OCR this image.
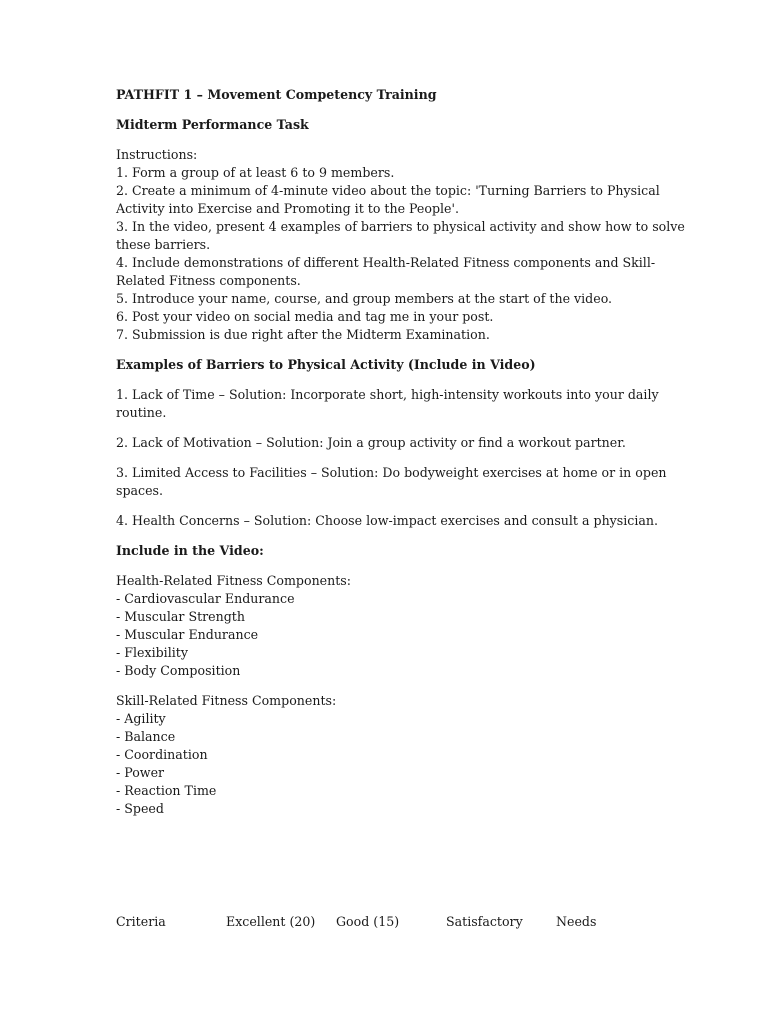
PATHFIT 1 – Movement Competency Training
Midterm Performance Task
Instructions:
1. Form a group of at least 6 to 9 members.
2. Create a minimum of 4-minute video about the topic: 'Turning Barriers to Physical
Activity into Exercise and Promoting it to the People'.
3. In the video, present 4 examples of barriers to physical activity and show how to solve
these barriers.
4. Include demonstrations of different Health-Related Fitness components and Skill-
Related Fitness components.
5. Introduce your name, course, and group members at the start of the video.
6. Post your video on social media and tag me in your post.
7. Submission is due right after the Midterm Examination.
Examples of Barriers to Physical Activity (Include in Video)
1. Lack of Time – Solution: Incorporate short, high-intensity workouts into your daily
routine.
2. Lack of Motivation – Solution: Join a group activity or find a workout partner.
3. Limited Access to Facilities – Solution: Do bodyweight exercises at home or in open
spaces.
4. Health Concerns – Solution: Choose low-impact exercises and consult a physician.
Include in the Video:
Health-Related Fitness Components:
- Cardiovascular Endurance
- Muscular Strength
- Muscular Endurance
- Flexibility
- Body Composition
Skill-Related Fitness Components:
- Agility
- Balance
- Coordination
- Power
- Reaction Time
- Speed
Criteria	Excellent (20) Good (15)	Satisfactory	Needs
